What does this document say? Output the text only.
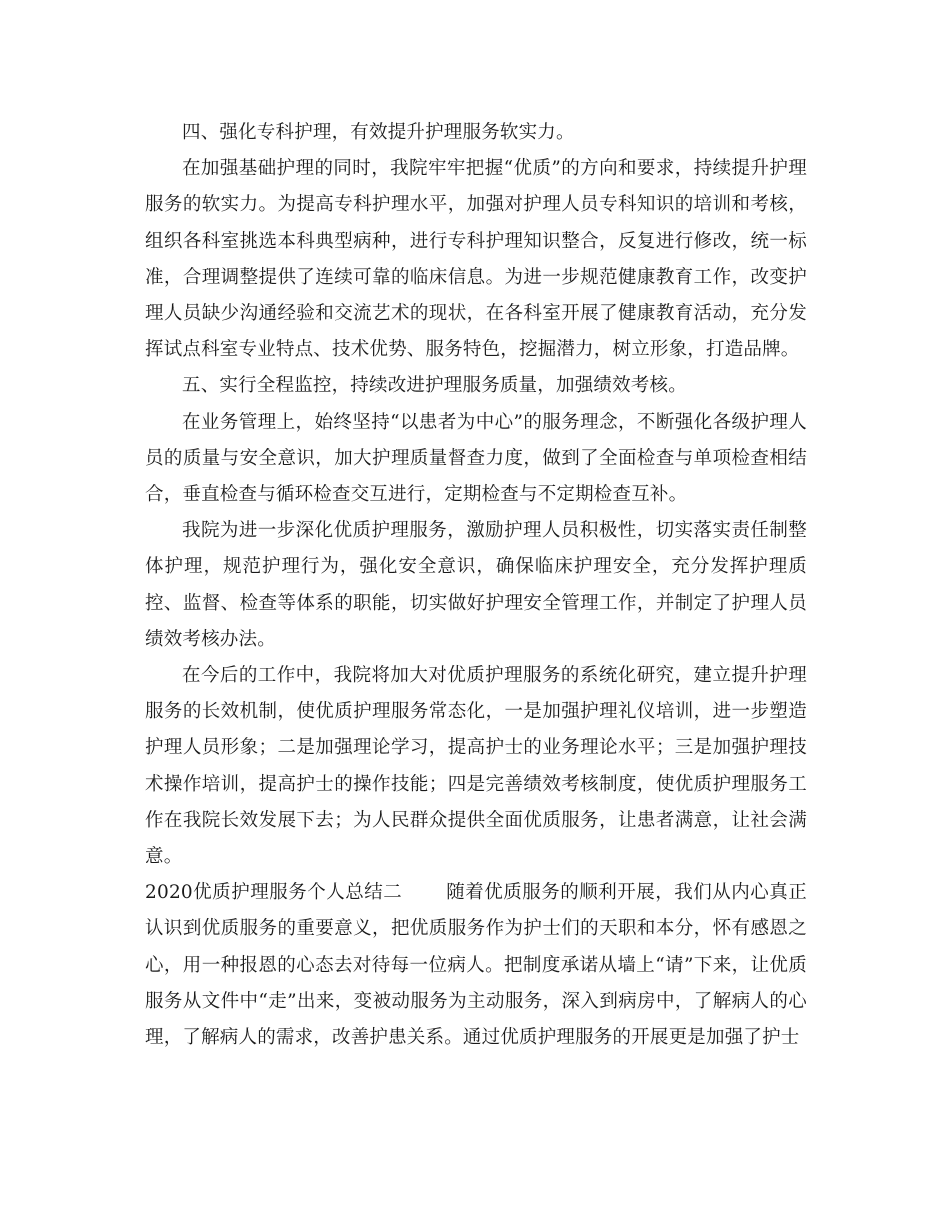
四、强化专科护理，有效提升护理服务软实力。

在加强基础护理的同时，我院牢牢把握“优质”的方向和要求，持续提升护理服务的软实力。为提高专科护理水平，加强对护理人员专科知识的培训和考核，组织各科室挑选本科典型病种，进行专科护理知识整合，反复进行修改，统一标准，合理调整提供了连续可靠的临床信息。为进一步规范健康教育工作，改变护理人员缺少沟通经验和交流艺术的现状，在各科室开展了健康教育活动，充分发挥试点科室专业特点、技术优势、服务特色，挖掘潜力，树立形象，打造品牌。

五、实行全程监控，持续改进护理服务质量，加强绩效考核。

在业务管理上，始终坚持“以患者为中心”的服务理念，不断强化各级护理人员的质量与安全意识，加大护理质量督查力度，做到了全面检查与单项检查相结合，垂直检查与循环检查交互进行，定期检查与不定期检查互补。

我院为进一步深化优质护理服务，激励护理人员积极性，切实落实责任制整体护理，规范护理行为，强化安全意识，确保临床护理安全，充分发挥护理质控、监督、检查等体系的职能，切实做好护理安全管理工作，并制定了护理人员绩效考核办法。

在今后的工作中，我院将加大对优质护理服务的系统化研究，建立提升护理服务的长效机制，使优质护理服务常态化，一是加强护理礼仪培训，进一步塑造护理人员形象；二是加强理论学习，提高护士的业务理论水平；三是加强护理技术操作培训，提高护士的操作技能；四是完善绩效考核制度，使优质护理服务工作在我院长效发展下去；为人民群众提供全面优质服务，让患者满意，让社会满意。

2020优质护理服务个人总结二 随着优质服务的顺利开展，我们从内心真正认识到优质服务的重要意义，把优质服务作为护士们的天职和本分，怀有感恩之心，用一种报恩的心态去对待每一位病人。把制度承诺从墙上“请”下来，让优质服务从文件中“走”出来，变被动服务为主动服务，深入到病房中，了解病人的心理，了解病人的需求，改善护患关系。通过优质护理服务的开展更是加强了护士
